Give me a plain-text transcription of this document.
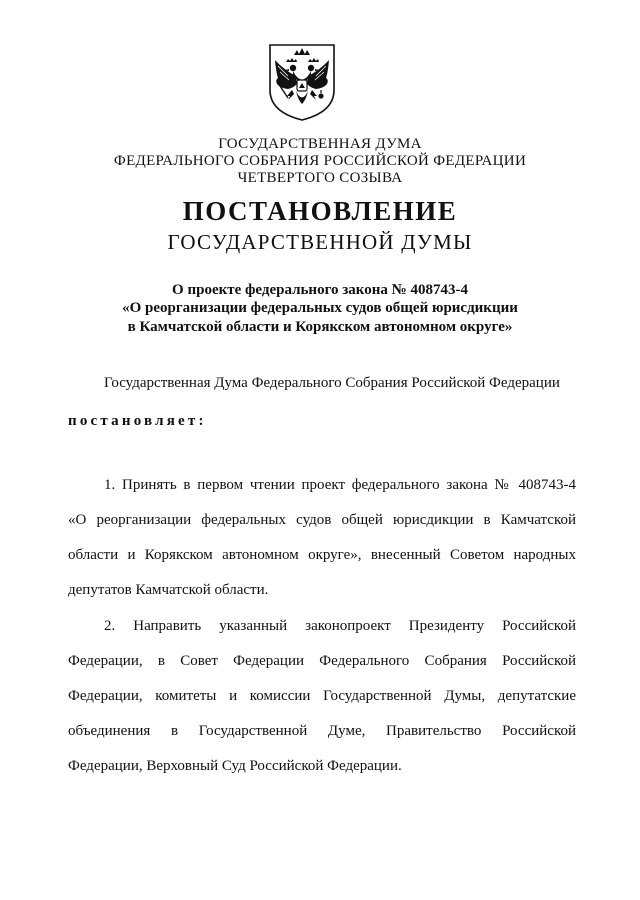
ГОСУДАРСТВЕННАЯ ДУМА
ФЕДЕРАЛЬНОГО СОБРАНИЯ РОССИЙСКОЙ ФЕДЕРАЦИИ
ЧЕТВЕРТОГО СОЗЫВА
ПОСТАНОВЛЕНИЕ
ГОСУДАРСТВЕННОЙ ДУМЫ
О проекте федерального закона № 408743-4
«О реорганизации федеральных судов общей юрисдикции
в Камчатской области и Корякском автономном округе»
Государственная Дума Федерального Собрания Российской Федерации
постановляет:
1. Принять в первом чтении проект федерального закона № 408743-4
«О реорганизации федеральных судов общей юрисдикции в Камчатской
области и Корякском автономном округе», внесенный Советом народных
депутатов Камчатской области.
2. Направить указанный законопроект Президенту Российской
Федерации, в Совет Федерации Федерального Собрания Российской
Федерации, комитеты и комиссии Государственной Думы, депутатские
объединения в Государственной Думе, Правительство Российской
Федерации, Верховный Суд Российской Федерации.
